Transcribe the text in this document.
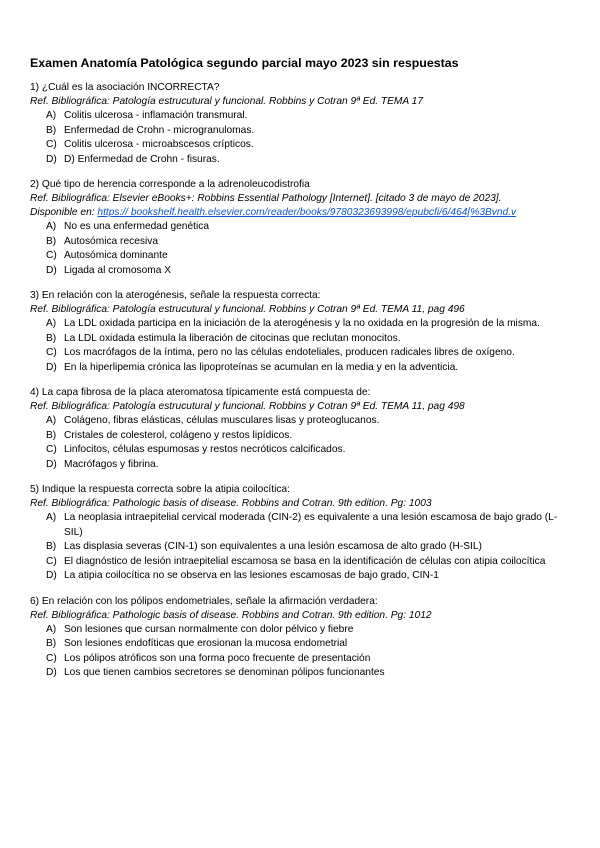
Examen Anatomía Patológica segundo parcial mayo 2023 sin respuestas
1) ¿Cuál es la asociación INCORRECTA?
Ref. Bibliográfica: Patología estrucutural y funcional. Robbins y Cotran 9ª Ed. TEMA 17
A) Colitis ulcerosa - inflamación transmural.
B) Enfermedad de Crohn - microgranulomas.
C) Colitis ulcerosa - microabscesos crípticos.
D) D) Enfermedad de Crohn - fisuras.
2) Qué tipo de herencia corresponde a la adrenoleucodistrofia
Ref. Bibliográfica: Elsevier eBooks+: Robbins Essential Pathology [Internet]. [citado 3 de mayo de 2023].
Disponible en: https:// bookshelf.health.elsevier.com/reader/books/9780323693998/epubcfi/6/464[%3Bvnd.v
A) No es una enfermedad genética
B) Autosómica recesiva
C) Autosómica dominante
D) Ligada al cromosoma X
3) En relación con la aterogénesis, señale la respuesta correcta:
Ref. Bibliográfica: Patología estrucutural y funcional. Robbins y Cotran 9ª Ed. TEMA 11, pag 496
A) La LDL oxidada participa en la iniciación de la aterogénesis y la no oxidada en la progresión de la misma.
B) La LDL oxidada estimula la liberación de citocinas que reclutan monocitos.
C) Los macrófagos de la íntima, pero no las células endoteliales, producen radicales libres de oxígeno.
D) En la hiperlipemia crónica las lipoproteínas se acumulan en la media y en la adventicia.
4) La capa fibrosa de la placa ateromatosa típicamente está compuesta de:
Ref. Bibliográfica: Patología estrucutural y funcional. Robbins y Cotran 9ª Ed. TEMA 11, pag 498
A) Colágeno, fibras elásticas, células musculares lisas y proteoglucanos.
B) Cristales de colesterol, colágeno y restos lipídicos.
C) Linfocitos, células espumosas y restos necróticos calcificados.
D) Macrófagos y fibrina.
5) Indique la respuesta correcta sobre la atipia coilocítica:
Ref. Bibliográfica: Pathologic basis of disease. Robbins and Cotran. 9th edition. Pg: 1003
A) La neoplasia intraepitelial cervical moderada (CIN-2) es equivalente a una lesión escamosa de bajo grado (L-SIL)
B) Las displasia severas (CIN-1) son equivalentes a una lesión escamosa de alto grado (H-SIL)
C) El diagnóstico de lesión intraepitelial escamosa se basa en la identificación de células con atipia coilocítica
D) La atipia coilocítica no se observa en las lesiones escamosas de bajo grado, CIN-1
6) En relación con los pólipos endometriales, señale la afirmación verdadera:
Ref. Bibliográfica: Pathologic basis of disease. Robbins and Cotran. 9th edition. Pg: 1012
A) Son lesiones que cursan normalmente con dolor pélvico y fiebre
B) Son lesiones endofíticas que erosionan la mucosa endometrial
C) Los pólipos atróficos son una forma poco frecuente de presentación
D) Los que tienen cambios secretores se denominan pólipos funcionantes
